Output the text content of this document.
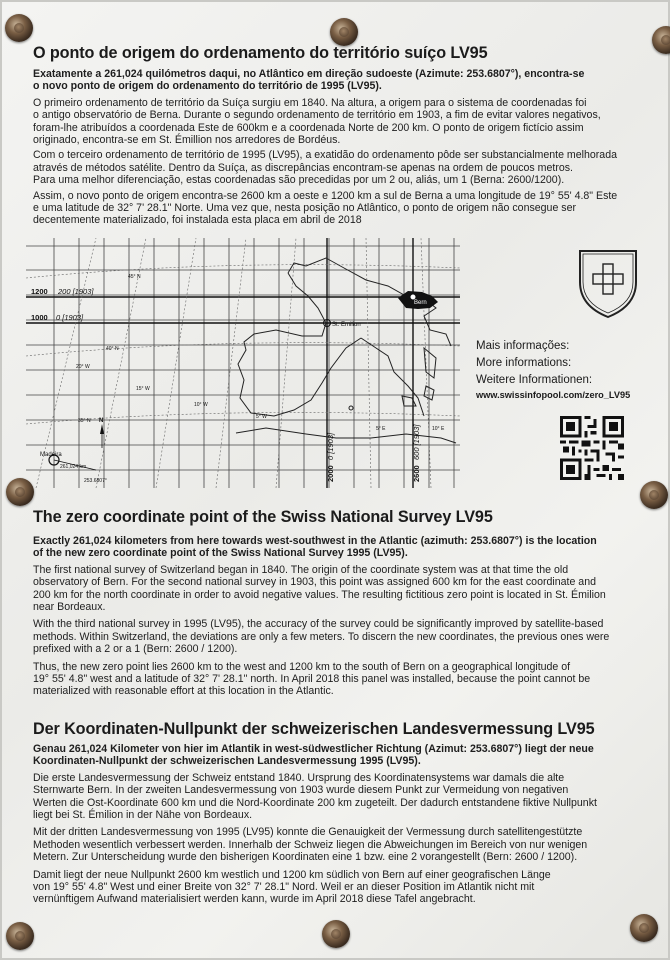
O ponto de origem do ordenamento do território suíço LV95

Exatamente a 261,024 quilómetros daqui, no Atlântico em direção sudoeste (Azimute: 253.6807°), encontra-se

o novo ponto de origem do ordenamento do território de 1995 (LV95).

O primeiro ordenamento de território da Suíça surgiu em 1840. Na altura, a origem para o sistema de coordenadas foi

o antigo observatório de Berna. Durante o segundo ordenamento de território em 1903, a fim de evitar valores negativos,

foram-lhe atribuídos a coordenada Este de 600km e a coordenada Norte de 200 km. O ponto de origem fictício assim

originado, encontra-se em St. Émillion nos arredores de Bordéus.

Com o terceiro ordenamento de território de 1995 (LV95), a exatidão do ordenamento pôde ser substancialmente melhorada

através de métodos satélite. Dentro da Suíça, as discrepâncias encontram-se apenas na ordem de poucos metros.

Para uma melhor diferenciação, estas coordenadas são precedidas por um 2 ou, aliás, um 1 (Berna: 2600/1200).

Assim, o novo ponto de origem encontra-se 2600 km a oeste e 1200 km a sul de Berna a uma longitude de 19° 55' 4.8" Este

e uma latitude de 32° 7' 28.1" Norte. Uma vez que, nesta posição no Atlântico, o ponto de origem não consegue ser

decentemente materializado, foi instalada esta placa em abril de 2018

1200 200 [1903]
1000 0 [1903]
Bern
St. Emilion
Madeira
261,024 km
253.6807°
N
45° N
40° N
35° N
20° W
15° W
10° W
5° W
5° E	10° E
2000
0 [1903]
2600
600 [1903]
Mais informações:
More informations:
Weitere Informationen:
www.swissinfopool.com/zero_LV95
The zero coordinate point of the Swiss National Survey LV95

Exactly 261,024 kilometers from here towards west-southwest in the Atlantic (azimuth: 253.6807°) is the location

of the new zero coordinate point of the Swiss National Survey 1995 (LV95).

The first national survey of Switzerland began in 1840. The origin of the coordinate system was at that time the old

observatory of Bern. For the second national survey in 1903, this point was assigned 600 km for the east coordinate and

200 km for the north coordinate in order to avoid negative values. The resulting fictitious zero point is located in St. Émilion

near Bordeaux.

With the third national survey in 1995 (LV95), the accuracy of the survey could be significantly improved by satellite-based

methods. Within Switzerland, the deviations are only a few meters. To discern the new coordinates, the previous ones were

prefixed with a 2 or a 1 (Bern: 2600 / 1200).

Thus, the new zero point lies 2600 km to the west and 1200 km to the south of Bern on a geographical longitude of

19° 55' 4.8" west and a latitude of 32° 7' 28.1" north. In April 2018 this panel was installed, because the point cannot be

materialized with reasonable effort at this location in the Atlantic.

Der Koordinaten-Nullpunkt der schweizerischen Landesvermessung LV95

Genau 261,024 Kilometer von hier im Atlantik in west-südwestlicher Richtung (Azimut: 253.6807°) liegt der neue

Koordinaten-Nullpunkt der schweizerischen Landesvermessung 1995 (LV95).

Die erste Landesvermessung der Schweiz entstand 1840. Ursprung des Koordinatensystems war damals die alte

Sternwarte Bern. In der zweiten Landesvermessung von 1903 wurde diesem Punkt zur Vermeidung von negativen

Werten die Ost-Koordinate 600 km und die Nord-Koordinate 200 km zugeteilt. Der dadurch entstandene fiktive Nullpunkt

liegt bei St. Émilion in der Nähe von Bordeaux.

Mit der dritten Landesvermessung von 1995 (LV95) konnte die Genauigkeit der Vermessung durch satellitengestützte

Methoden wesentlich verbessert werden. Innerhalb der Schweiz liegen die Abweichungen im Bereich von nur wenigen

Metern. Zur Unterscheidung wurde den bisherigen Koordinaten eine 1 bzw. eine 2 vorangestellt (Bern: 2600 / 1200).

Damit liegt der neue Nullpunkt 2600 km westlich und 1200 km südlich von Bern auf einer geografischen Länge

von 19° 55' 4.8" West und einer Breite von 32° 7' 28.1" Nord. Weil er an dieser Position im Atlantik nicht mit

vernünftigem Aufwand materialisiert werden kann, wurde im April 2018 diese Tafel angebracht.
